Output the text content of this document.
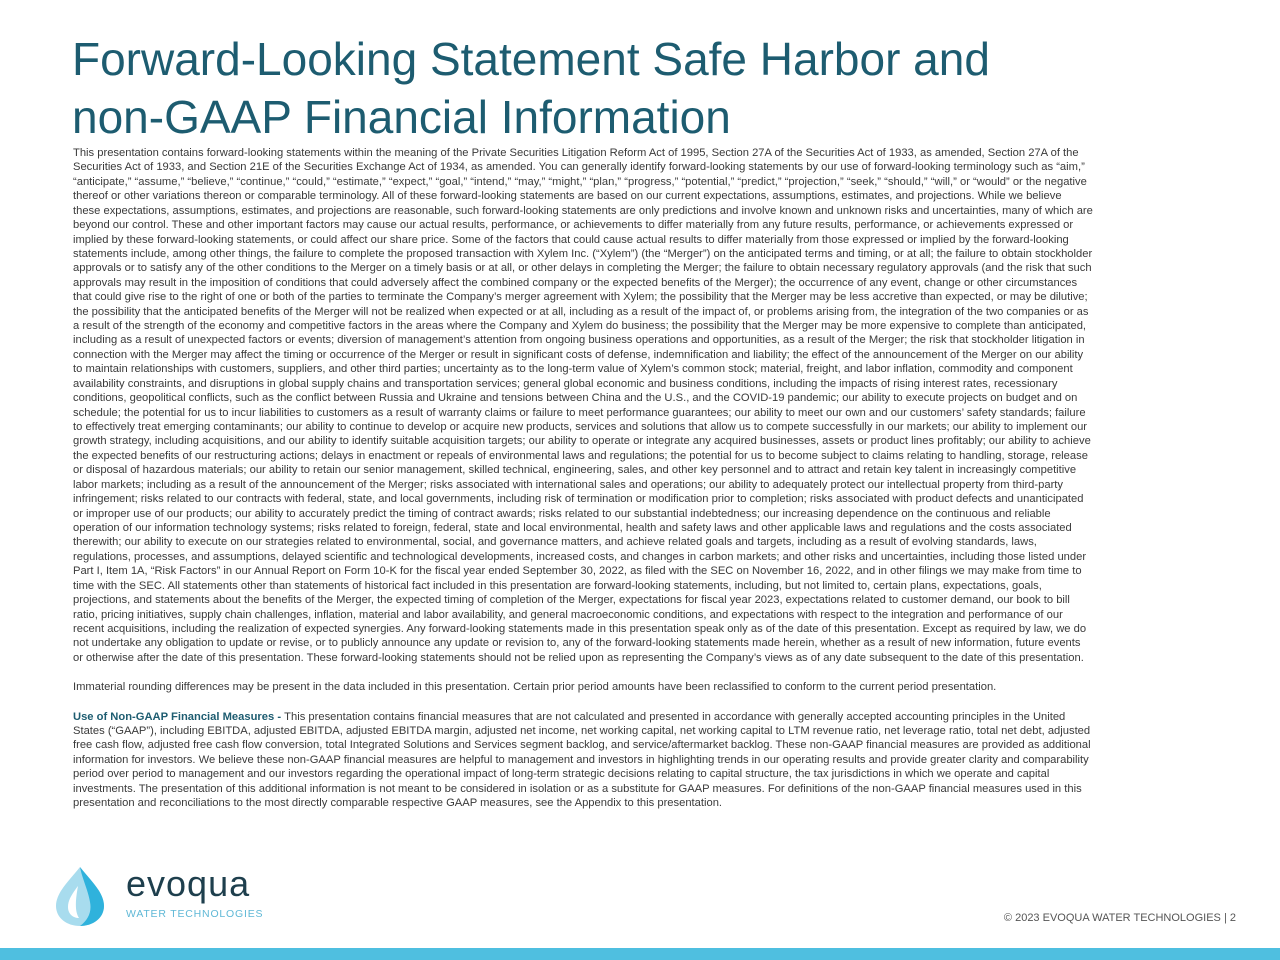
Forward-Looking Statement Safe Harbor and
non-GAAP Financial Information
This presentation contains forward-looking statements within the meaning of the Private Securities Litigation Reform Act of 1995, Section 27A of the Securities Act of 1933, as amended, Section 27A of the
Securities Act of 1933, and Section 21E of the Securities Exchange Act of 1934, as amended. You can generally identify forward-looking statements by our use of forward-looking terminology such as “aim,”
“anticipate,” “assume,” “believe,” “continue,” “could,” “estimate,” “expect,” “goal,” “intend,” “may,” “might,” “plan,” “progress,” “potential,” “predict,” “projection,” “seek,” “should,” “will,” or “would” or the negative
thereof or other variations thereon or comparable terminology. All of these forward-looking statements are based on our current expectations, assumptions, estimates, and projections. While we believe
these expectations, assumptions, estimates, and projections are reasonable, such forward-looking statements are only predictions and involve known and unknown risks and uncertainties, many of which are
beyond our control. These and other important factors may cause our actual results, performance, or achievements to differ materially from any future results, performance, or achievements expressed or
implied by these forward-looking statements, or could affect our share price. Some of the factors that could cause actual results to differ materially from those expressed or implied by the forward-looking
statements include, among other things, the failure to complete the proposed transaction with Xylem Inc. (“Xylem”) (the “Merger”) on the anticipated terms and timing, or at all; the failure to obtain stockholder
approvals or to satisfy any of the other conditions to the Merger on a timely basis or at all, or other delays in completing the Merger; the failure to obtain necessary regulatory approvals (and the risk that such
approvals may result in the imposition of conditions that could adversely affect the combined company or the expected benefits of the Merger); the occurrence of any event, change or other circumstances
that could give rise to the right of one or both of the parties to terminate the Company’s merger agreement with Xylem; the possibility that the Merger may be less accretive than expected, or may be dilutive;
the possibility that the anticipated benefits of the Merger will not be realized when expected or at all, including as a result of the impact of, or problems arising from, the integration of the two companies or as
a result of the strength of the economy and competitive factors in the areas where the Company and Xylem do business; the possibility that the Merger may be more expensive to complete than anticipated,
including as a result of unexpected factors or events; diversion of management’s attention from ongoing business operations and opportunities, as a result of the Merger; the risk that stockholder litigation in
connection with the Merger may affect the timing or occurrence of the Merger or result in significant costs of defense, indemnification and liability; the effect of the announcement of the Merger on our ability
to maintain relationships with customers, suppliers, and other third parties; uncertainty as to the long-term value of Xylem’s common stock; material, freight, and labor inflation, commodity and component
availability constraints, and disruptions in global supply chains and transportation services; general global economic and business conditions, including the impacts of rising interest rates, recessionary
conditions, geopolitical conflicts, such as the conflict between Russia and Ukraine and tensions between China and the U.S., and the COVID-19 pandemic; our ability to execute projects on budget and on
schedule; the potential for us to incur liabilities to customers as a result of warranty claims or failure to meet performance guarantees; our ability to meet our own and our customers’ safety standards; failure
to effectively treat emerging contaminants; our ability to continue to develop or acquire new products, services and solutions that allow us to compete successfully in our markets; our ability to implement our
growth strategy, including acquisitions, and our ability to identify suitable acquisition targets; our ability to operate or integrate any acquired businesses, assets or product lines profitably; our ability to achieve
the expected benefits of our restructuring actions; delays in enactment or repeals of environmental laws and regulations; the potential for us to become subject to claims relating to handling, storage, release
or disposal of hazardous materials; our ability to retain our senior management, skilled technical, engineering, sales, and other key personnel and to attract and retain key talent in increasingly competitive
labor markets; including as a result of the announcement of the Merger; risks associated with international sales and operations; our ability to adequately protect our intellectual property from third-party
infringement; risks related to our contracts with federal, state, and local governments, including risk of termination or modification prior to completion; risks associated with product defects and unanticipated
or improper use of our products; our ability to accurately predict the timing of contract awards; risks related to our substantial indebtedness; our increasing dependence on the continuous and reliable
operation of our information technology systems; risks related to foreign, federal, state and local environmental, health and safety laws and other applicable laws and regulations and the costs associated
therewith; our ability to execute on our strategies related to environmental, social, and governance matters, and achieve related goals and targets, including as a result of evolving standards, laws,
regulations, processes, and assumptions, delayed scientific and technological developments, increased costs, and changes in carbon markets; and other risks and uncertainties, including those listed under
Part I, Item 1A, “Risk Factors” in our Annual Report on Form 10-K for the fiscal year ended September 30, 2022, as filed with the SEC on November 16, 2022, and in other filings we may make from time to
time with the SEC. All statements other than statements of historical fact included in this presentation are forward-looking statements, including, but not limited to, certain plans, expectations, goals,
projections, and statements about the benefits of the Merger, the expected timing of completion of the Merger, expectations for fiscal year 2023, expectations related to customer demand, our book to bill
ratio, pricing initiatives, supply chain challenges, inflation, material and labor availability, and general macroeconomic conditions, and expectations with respect to the integration and performance of our
recent acquisitions, including the realization of expected synergies. Any forward-looking statements made in this presentation speak only as of the date of this presentation. Except as required by law, we do
not undertake any obligation to update or revise, or to publicly announce any update or revision to, any of the forward-looking statements made herein, whether as a result of new information, future events
or otherwise after the date of this presentation. These forward-looking statements should not be relied upon as representing the Company’s views as of any date subsequent to the date of this presentation.
Immaterial rounding differences may be present in the data included in this presentation. Certain prior period amounts have been reclassified to conform to the current period presentation.
Use of Non-GAAP Financial Measures - This presentation contains financial measures that are not calculated and presented in accordance with generally accepted accounting principles in the United
States (“GAAP”), including EBITDA, adjusted EBITDA, adjusted EBITDA margin, adjusted net income, net working capital, net working capital to LTM revenue ratio, net leverage ratio, total net debt, adjusted
free cash flow, adjusted free cash flow conversion, total Integrated Solutions and Services segment backlog, and service/aftermarket backlog. These non-GAAP financial measures are provided as additional
information for investors. We believe these non-GAAP financial measures are helpful to management and investors in highlighting trends in our operating results and provide greater clarity and comparability
period over period to management and our investors regarding the operational impact of long-term strategic decisions relating to capital structure, the tax jurisdictions in which we operate and capital
investments. The presentation of this additional information is not meant to be considered in isolation or as a substitute for GAAP measures. For definitions of the non-GAAP financial measures used in this
presentation and reconciliations to the most directly comparable respective GAAP measures, see the Appendix to this presentation.
evoqua
WATER TECHNOLOGIES	© 2023 EVOQUA WATER TECHNOLOGIES | 2
